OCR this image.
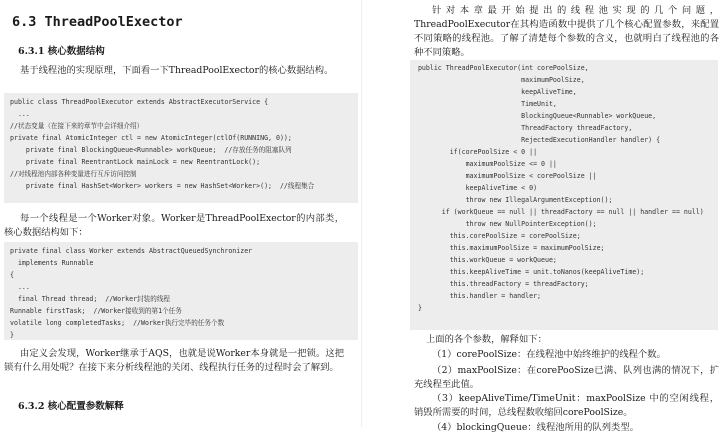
6.3 ThreadPoolExector
6.3.1 核心数据结构

基于线程池的实现原理，下面看一下ThreadPoolExector的核心数据结构。

public class ThreadPoolExecutor extends AbstractExecutorService {
...
//状态变量（在接下来的章节中会详细介绍）
private final AtomicInteger ctl = new AtomicInteger(ctlOf(RUNNING, 0));
private final BlockingQueue<Runnable> workQueue;  //存放任务的阻塞队列
private final ReentrantLock mainLock = new ReentrantLock();
//对线程池内部各种变量进行互斥访问控制
private final HashSet<Worker> workers = new HashSet<Worker>();  //线程集合

每一个线程是一个Worker对象。Worker是ThreadPoolExector的内部类，核心数据结构如下：

private final class Worker extends AbstractQueuedSynchronizer
implements Runnable
{
...
final Thread thread;  //Worker封装的线程
Runnable firstTask;  //Worker接收到的第1个任务
volatile long completedTasks;  //Worker执行完毕的任务个数
}

由定义会发现，Worker继承于AQS，也就是说Worker本身就是一把锁。这把锁有什么用处呢？在接下来分析线程池的关闭、线程执行任务的过程时会了解到。

6.3.2 核心配置参数解释

针对本章最开始提出的线程池实现的几个问题，ThreadPoolExecutor在其构造函数中提供了几个核心配置参数，来配置不同策略的线程池。了解了清楚每个参数的含义，也就明白了线程池的各种不同策略。

public ThreadPoolExecutor(int corePoolSize,
maximumPoolSize,
keepAliveTime,
TimeUnit,
BlockingQueue<Runnable> workQueue,
ThreadFactory threadFactory,
RejectedExecutionHandler handler) {
if(corePoolSize < 0 ||
maximumPoolSize <= 0 ||
maximumPoolSize < corePoolSize ||
keepAliveTime < 0)
throw new IllegalArgumentException();
if (workQueue == null || threadFactory == null || handler == null)
throw new NullPointerException();
this.corePoolSize = corePoolSize;
this.maximumPoolSize = maximumPoolSize;
this.workQueue = workQueue;
this.keepAliveTime = unit.toNanos(keepAliveTime);
this.threadFactory = threadFactory;
this.handler = handler;
}

上面的各个参数，解释如下：

（1）corePoolSize：在线程池中始终维护的线程个数。

（2）maxPoolSize：在corePooSize已满、队列也满的情况下，扩充线程至此值。

（3）keepAliveTime/TimeUnit：maxPoolSize 中的空闲线程，销毁所需要的时间，总线程数收缩回corePoolSize。

（4）blockingQueue：线程池所用的队列类型。
